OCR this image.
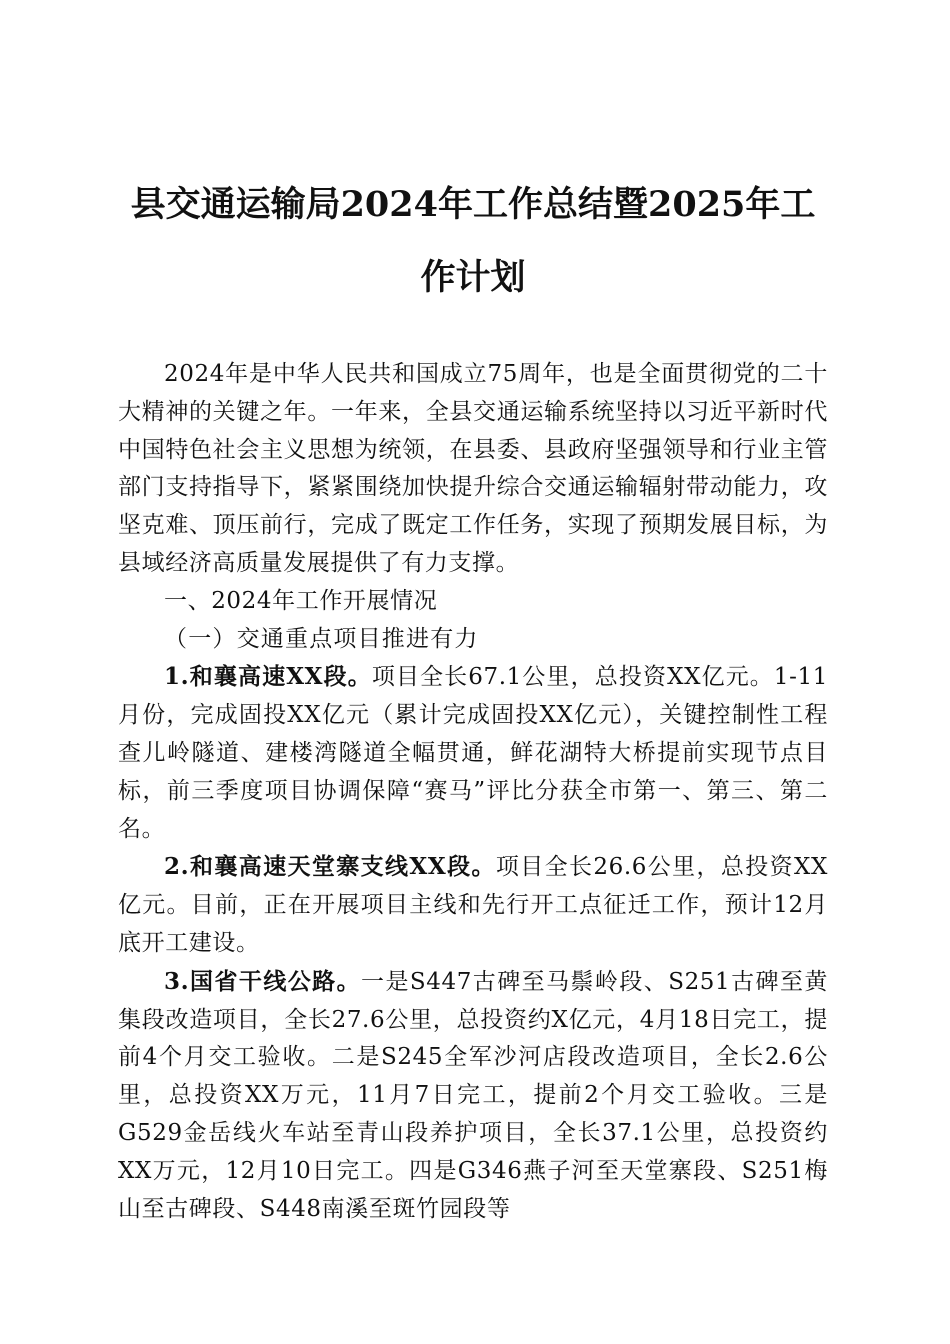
县交通运输局2024年工作总结暨2025年工作计划

2024年是中华人民共和国成立75周年，也是全面贯彻党的二十大精神的关键之年。一年来，全县交通运输系统坚持以习近平新时代中国特色社会主义思想为统领，在县委、县政府坚强领导和行业主管部门支持指导下，紧紧围绕加快提升综合交通运输辐射带动能力，攻坚克难、顶压前行，完成了既定工作任务，实现了预期发展目标，为县域经济高质量发展提供了有力支撑。

一、2024年工作开展情况

（一）交通重点项目推进有力

1.和襄高速XX段。项目全长67.1公里，总投资XX亿元。1-11月份，完成固投XX亿元（累计完成固投XX亿元），关键控制性工程查儿岭隧道、建楼湾隧道全幅贯通，鲜花湖特大桥提前实现节点目标，前三季度项目协调保障“赛马”评比分获全市第一、第三、第二名。

2.和襄高速天堂寨支线XX段。项目全长26.6公里，总投资XX亿元。目前，正在开展项目主线和先行开工点征迁工作，预计12月底开工建设。

3.国省干线公路。一是S447古碑至马鬃岭段、S251古碑至黄集段改造项目，全长27.6公里，总投资约X亿元，4月18日完工，提前4个月交工验收。二是S245全军沙河店段改造项目，全长2.6公里，总投资XX万元，11月7日完工，提前2个月交工验收。三是G529金岳线火车站至青山段养护项目，全长37.1公里，总投资约XX万元，12月10日完工。四是G346燕子河至天堂寨段、S251梅山至古碑段、S448南溪至斑竹园段等
